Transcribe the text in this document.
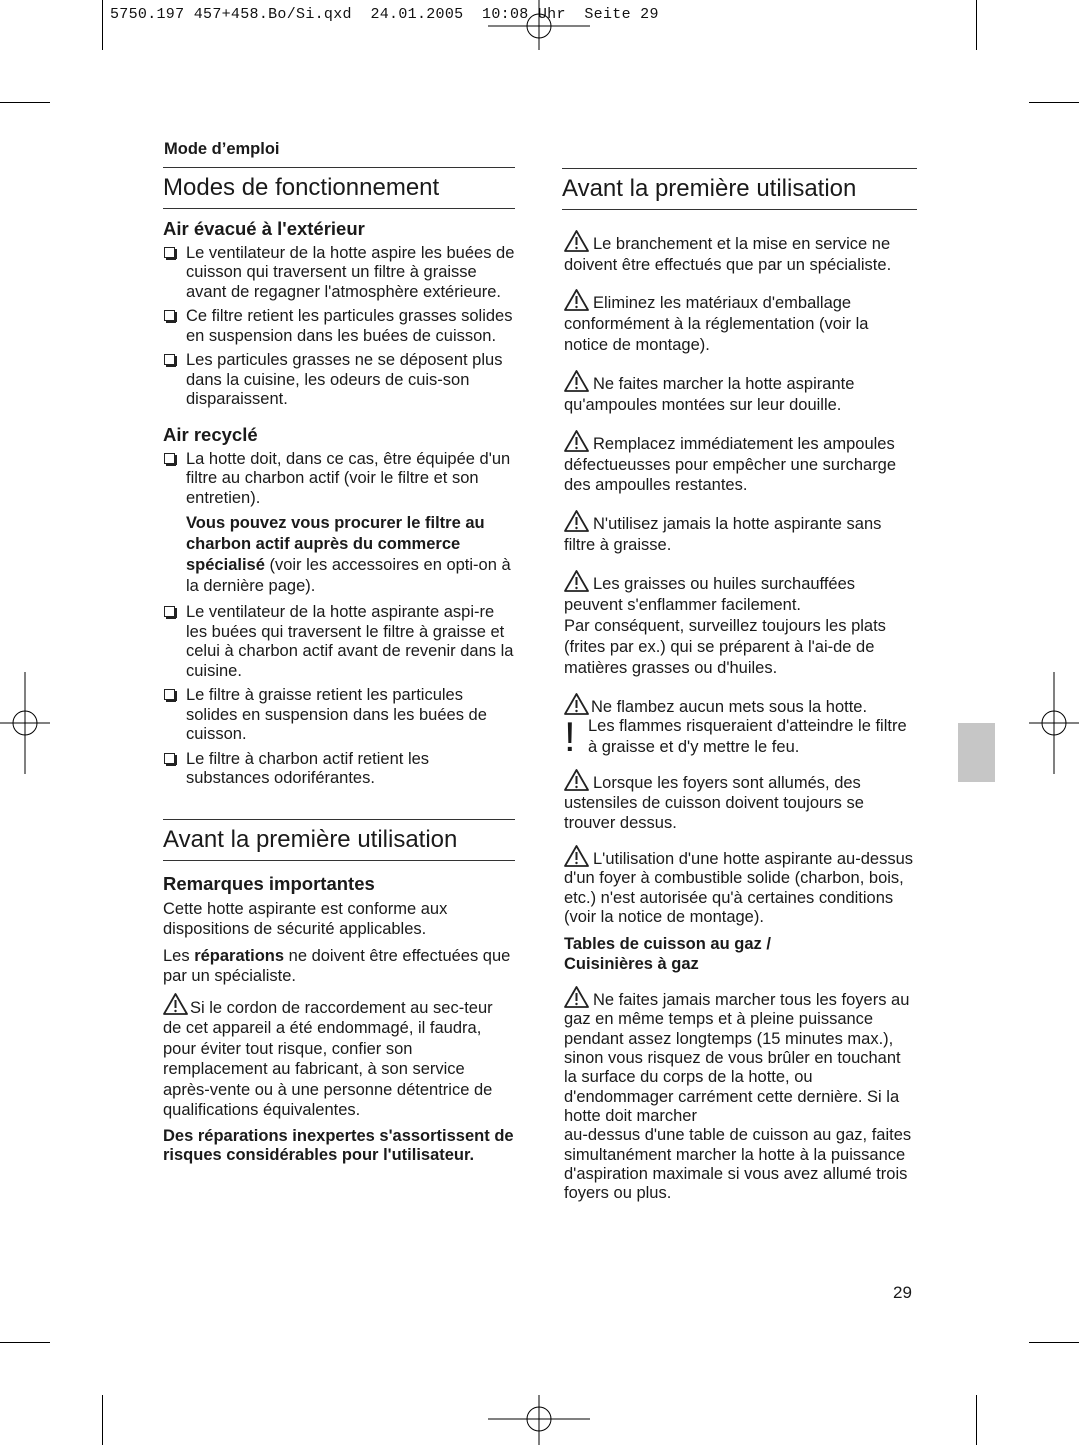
5750.197 457+458.Bo/Si.qxd  24.01.2005  10:08 Uhr  Seite 29
Mode d’emploi
Modes de fonctionnement
Air évacué à l'extérieur
Le ventilateur de la hotte aspire les buées de cuisson qui traversent un filtre à graisse avant de regagner l'atmosphère extérieure.
Ce filtre retient les particules grasses solides en suspension dans les buées de cuisson.
Les particules grasses ne se déposent plus dans la cuisine, les odeurs de cuis-son disparaissent.
Air recyclé
La hotte doit, dans ce cas, être équipée d'un filtre au charbon actif (voir le filtre et son entretien).

Vous pouvez vous procurer le filtre au charbon actif auprès du commerce spécialisé (voir les accessoires en opti-on à la dernière page).

Le ventilateur de la hotte aspirante aspi-re les buées qui traversent le filtre à graisse et celui à charbon actif avant de revenir dans la cuisine.
Le filtre à graisse retient les particules solides en suspension dans les buées de cuisson.
Le filtre à charbon actif retient les substances odoriférantes.
Avant la première utilisation
Remarques importantes

Cette hotte aspirante est conforme aux dispositions de sécurité applicables.

Les réparations ne doivent être effectuées que par un spécialiste.

Si le cordon de raccordement au sec-teur de cet appareil a été endommagé, il faudra, pour éviter tout risque, confier son remplacement au fabricant, à son service après-vente ou à une personne détentrice de qualifications équivalentes.

Des réparations inexpertes s'assortissent de risques considérables pour l'utilisateur.

Avant la première utilisation

Le branchement et la mise en service ne doivent être effectués que par un spécialiste.

Eliminez les matériaux d'emballage conformément à la réglementation (voir la notice de montage).

Ne faites marcher la hotte aspirante qu'ampoules montées sur leur douille.

Remplacez immédiatement les ampoules défectueusses pour empêcher une surcharge des ampoulles restantes.

N'utilisez jamais la hotte aspirante sans filtre à graisse.

Les graisses ou huiles surchauffées peuvent s'enflammer facilement.
Par conséquent, surveillez toujours les plats (frites par ex.) qui se préparent à l'ai-de de matières grasses ou d'huiles.
Ne flambez aucun mets sous la hotte.
! Les flammes risqueraient d'atteindre le filtre à graisse et d'y mettre le feu.

Lorsque les foyers sont allumés, des ustensiles de cuisson doivent toujours se trouver dessus.

L'utilisation d'une hotte aspirante au-dessus d'un foyer à combustible solide (charbon, bois, etc.) n'est autorisée qu'à certaines conditions (voir la notice de montage).

Tables de cuisson au gaz /
Cuisinières à gaz
Ne faites jamais marcher tous les foyers au gaz en même temps et à pleine puissance pendant assez longtemps (15 minutes max.), sinon vous risquez de vous brûler en touchant la surface du corps de la hotte, ou d'endommager carrément cette dernière. Si la hotte doit marcher
au-dessus d'une table de cuisson au gaz, faites simultanément marcher la hotte à la puissance d'aspiration maximale si vous avez allumé trois foyers ou plus.
29
